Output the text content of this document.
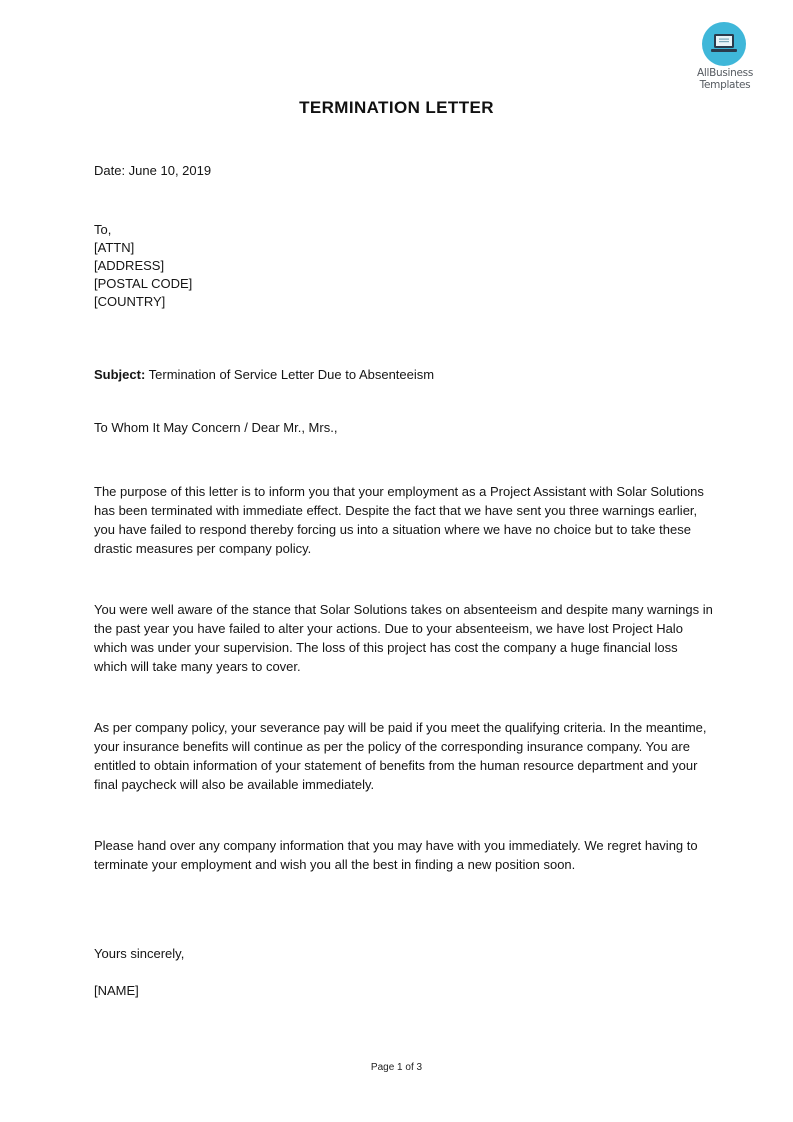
AllBusiness
Templates
TERMINATION LETTER
Date: June 10, 2019

To,

[ATTN]

[ADDRESS]

[POSTAL CODE]

[COUNTRY]

Subject: Termination of Service Letter Due to Absenteeism
To Whom It May Concern / Dear Mr., Mrs.,
The purpose of this letter is to inform you that your employment as a Project Assistant with Solar Solutions has been terminated with immediate effect. Despite the fact that we have sent you three warnings earlier, you have failed to respond thereby forcing us into a situation where we have no choice but to take these drastic measures per company policy.
You were well aware of the stance that Solar Solutions takes on absenteeism and despite many warnings in the past year you have failed to alter your actions. Due to your absenteeism, we have lost Project Halo which was under your supervision. The loss of this project has cost the company a huge financial loss which will take many years to cover.
As per company policy, your severance pay will be paid if you meet the qualifying criteria. In the meantime, your insurance benefits will continue as per the policy of the corresponding insurance company. You are entitled to obtain information of your statement of benefits from the human resource department and your final paycheck will also be available immediately.
Please hand over any company information that you may have with you immediately. We regret having to terminate your employment and wish you all the best in finding a new position soon.
Yours sincerely,
[NAME]
Page 1 of 3
